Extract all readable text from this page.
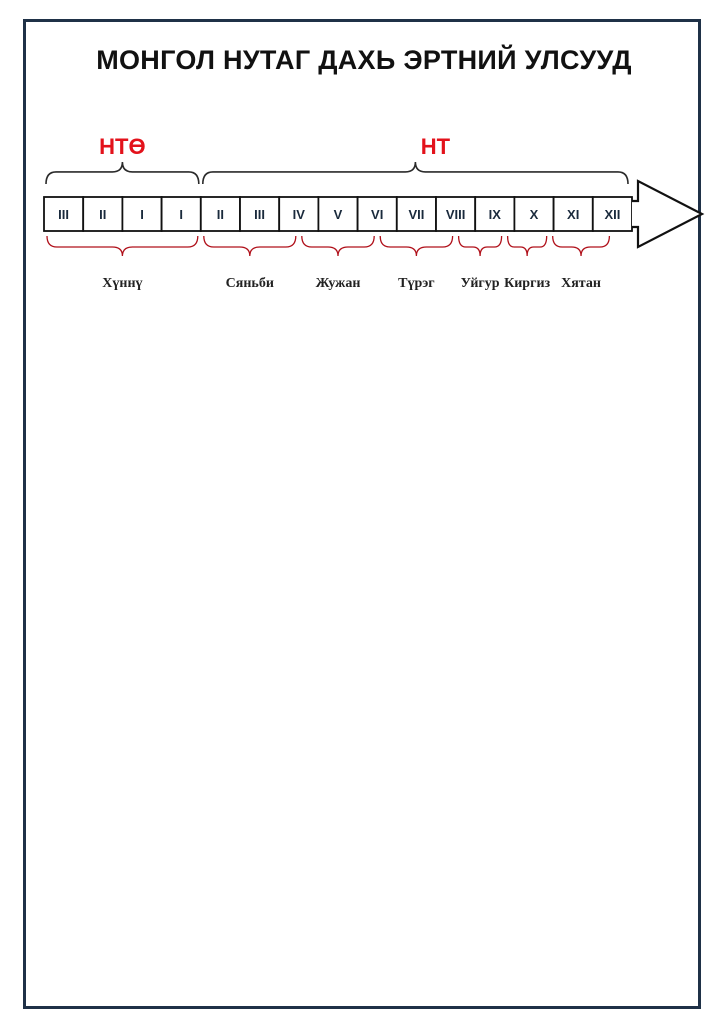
МОНГОЛ НУТАГ ДАХЬ ЭРТНИЙ УЛСУУД
НТӨ	НТ
III II	I	I	II III IV V VI VII VIII IX X XI XII
Хүннү	Сяньби	Жужан	Түрэг Уйгур Киргиз Хятан
